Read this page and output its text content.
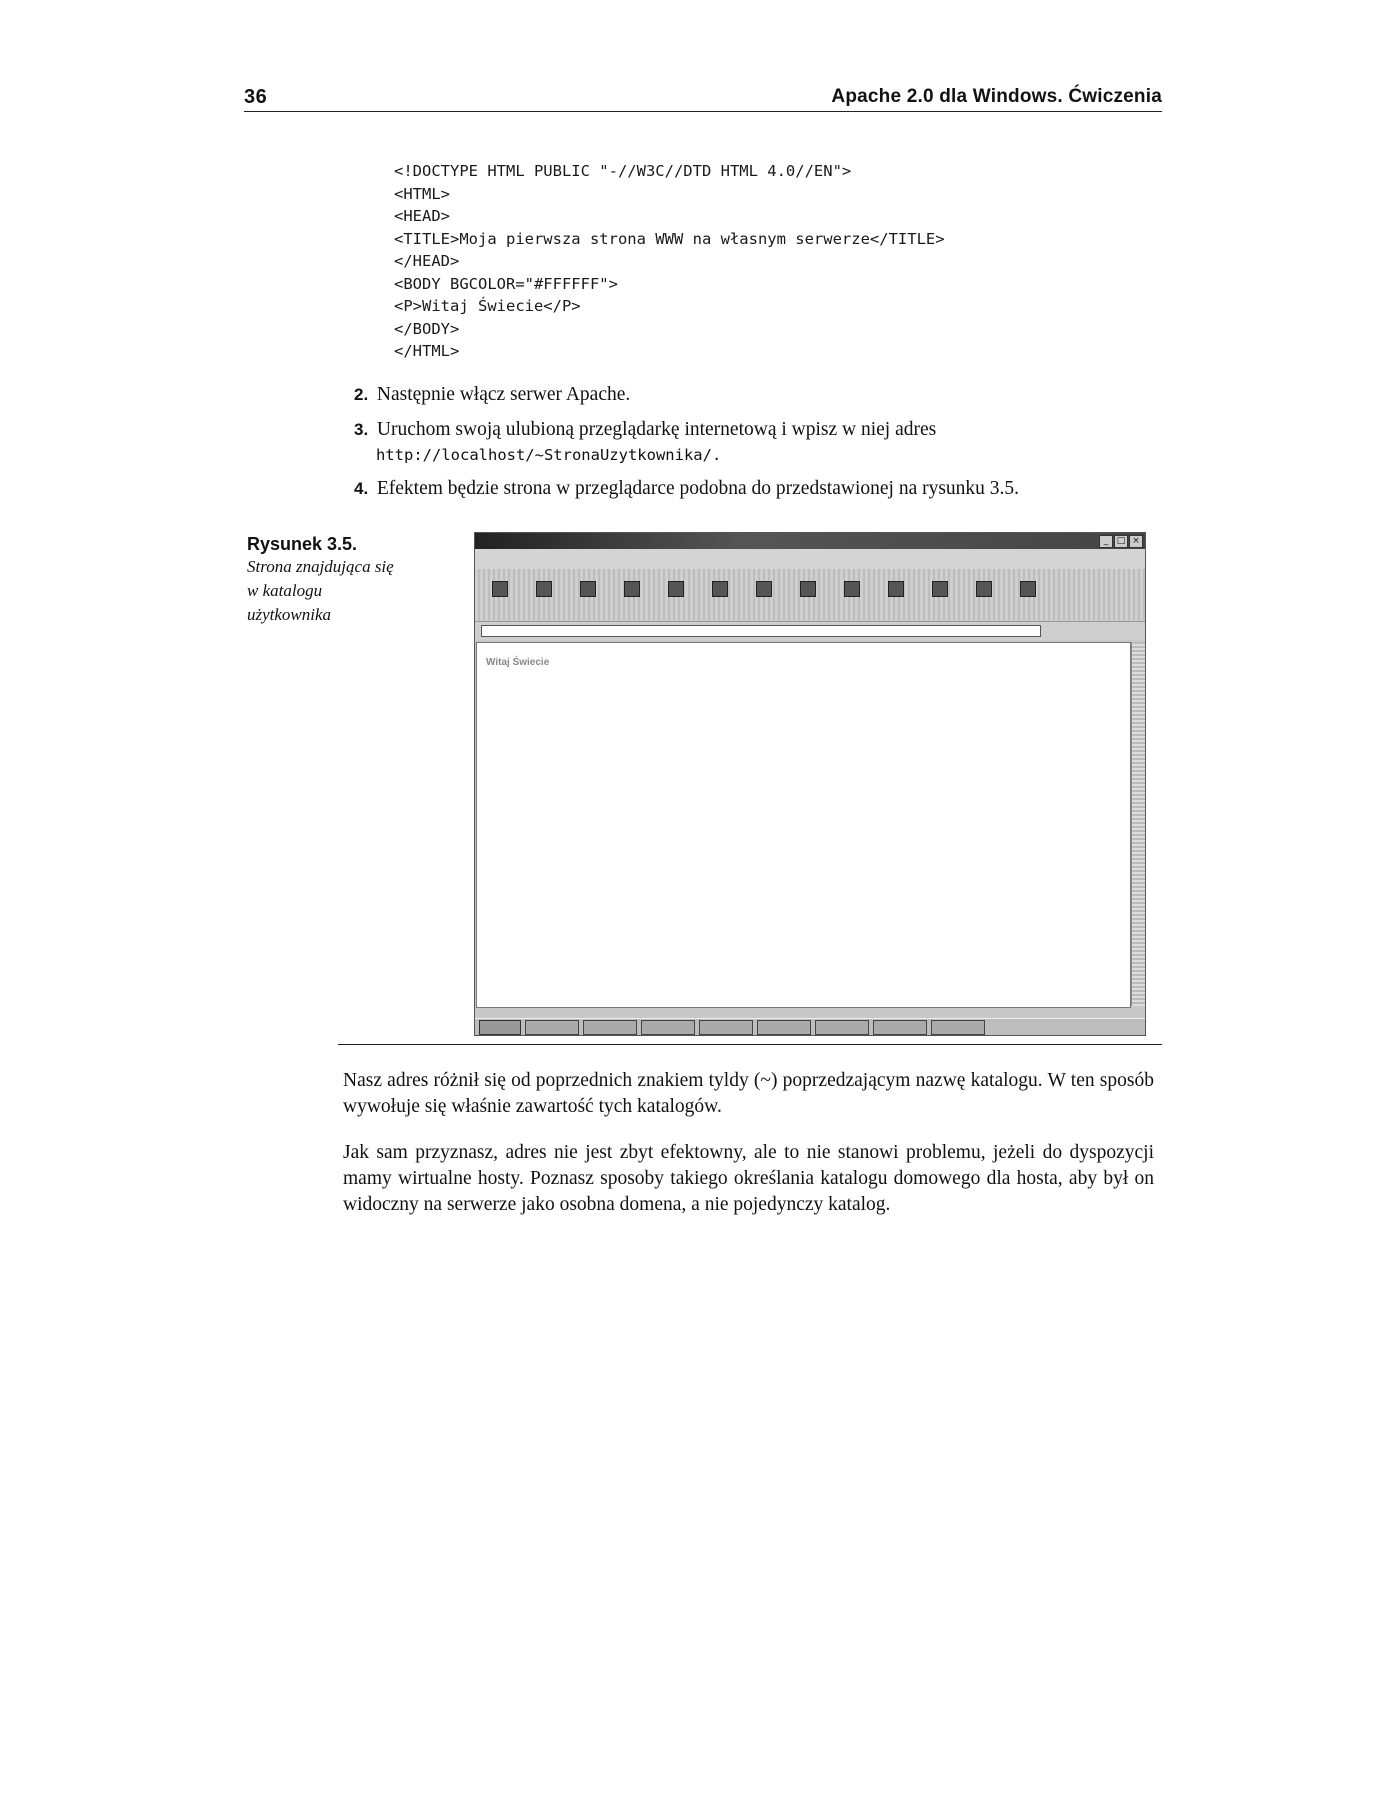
36	Apache 2.0 dla Windows. Ćwiczenia
<!DOCTYPE HTML PUBLIC "-//W3C//DTD HTML 4.0//EN">
<HTML>
<HEAD>
<TITLE>Moja pierwsza strona WWW na własnym serwerze</TITLE>
</HEAD>
<BODY BGCOLOR="#FFFFFF">
<P>Witaj Świecie</P>
</BODY>
</HTML>
2. Następnie włącz serwer Apache.
3. Uruchom swoją ulubioną przeglądarkę internetową i wpisz w niej adres
http://localhost/~StronaUzytkownika/.
4. Efektem będzie strona w przeglądarce podobna do przedstawionej na rysunku 3.5.
Rysunek 3.5.
Strona znajdująca się w katalogu użytkownika
_ □ ×
Witaj Świecie

Nasz adres różnił się od poprzednich znakiem tyldy (~) poprzedzającym nazwę katalogu. W ten sposób wywołuje się właśnie zawartość tych katalogów.

Jak sam przyznasz, adres nie jest zbyt efektowny, ale to nie stanowi problemu, jeżeli do dyspozycji mamy wirtualne hosty. Poznasz sposoby takiego określania katalogu domowego dla hosta, aby był on widoczny na serwerze jako osobna domena, a nie pojedynczy katalog.
